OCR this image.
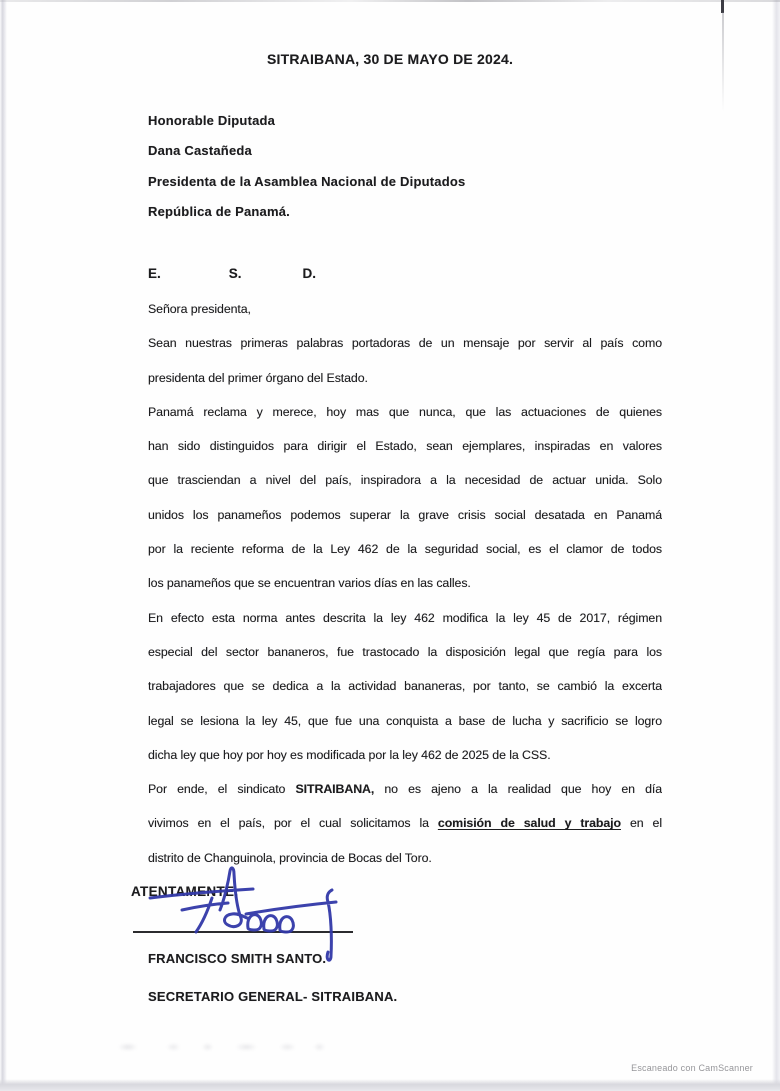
SITRAIBANA, 30 DE MAYO DE 2024.
Honorable Diputada
Dana Castañeda
Presidenta de la Asamblea Nacional de Diputados
República de Panamá.
E.	S.	D.
Señora presidenta,
Sean nuestras primeras palabras portadoras de un mensaje por servir al país como
presidenta del primer órgano del Estado.
Panamá reclama y merece, hoy mas que nunca, que las actuaciones de quienes
han sido distinguidos para dirigir el Estado, sean ejemplares, inspiradas en valores
que trasciendan a nivel del país, inspiradora a la necesidad de actuar unida. Solo
unidos los panameños podemos superar la grave crisis social desatada en Panamá
por la reciente reforma de la Ley 462 de la seguridad social, es el clamor de todos
los panameños que se encuentran varios días en las calles.
En efecto esta norma antes descrita la ley 462 modifica la ley 45 de 2017, régimen
especial del sector bananeros, fue trastocado la disposición legal que regía para los
trabajadores que se dedica a la actividad bananeras, por tanto, se cambió la excerta
legal se lesiona la ley 45, que fue una conquista a base de lucha y sacrificio se logro
dicha ley que hoy por hoy es modificada por la ley 462 de 2025 de la CSS.
Por ende, el sindicato SITRAIBANA, no es ajeno a la realidad que hoy en día
vivimos en el país, por el cual solicitamos la comisión de salud y trabajo en el
distrito de Changuinola, provincia de Bocas del Toro.
ATENTAMENTE,
FRANCISCO SMITH SANTO.
SECRETARIO GENERAL- SITRAIBANA.
Escaneado con CamScanner
